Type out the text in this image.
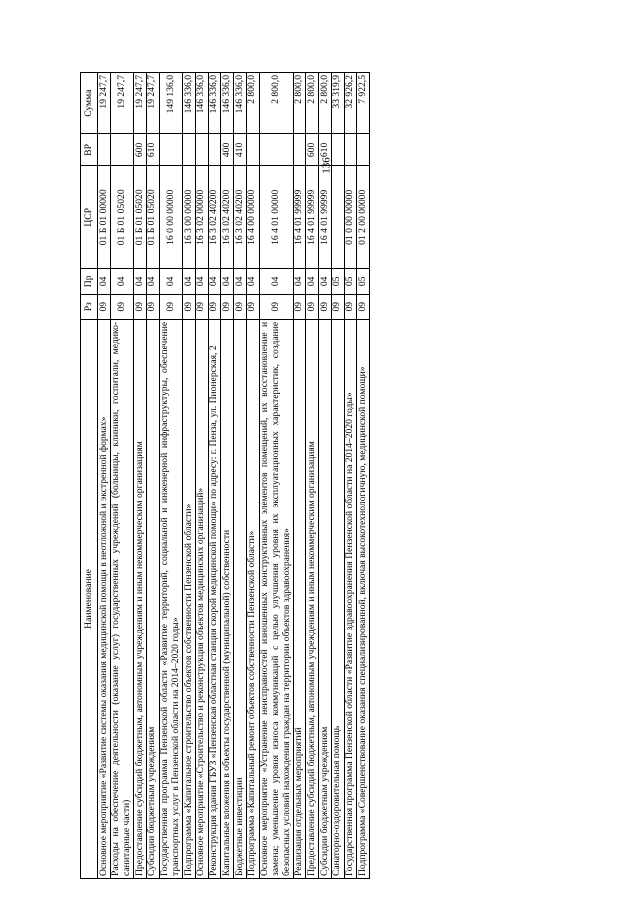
136
Наименование	Рз	Пр	ЦСР	ВР	Сумма
Основное мероприятие «Развитие системы оказания медицинской помощи в неотложной и экстренной формах»	09	04	01 Б 01 00000		19 247,7
Расходы на обеспечение деятельности (оказание услуг) государственных учреждений (больницы, клиники, госпитали, медико-санитарные части)	09	04	01 Б 01 05020		19 247,7
Предоставление субсидий бюджетным, автономным учреждениям и иным некоммерческим организациям	09	04	01 Б 01 05020	600	19 247,7
Субсидии бюджетным учреждениям	09	04	01 Б 01 05020	610	19 247,7
Государственная программа Пензенской области «Развитие территорий, социальной и инженерной инфраструктуры, обеспечение транспортных услуг в Пензенской области на 2014–2020 годы»	09	04	16 0 00 00000		149 136,0
Подпрограмма «Капитальное строительство объектов собственности Пензенской области»	09	04	16 3 00 00000		146 336,0
Основное мероприятие «Строительство и реконструкция объектов медицинских организаций»	09	04	16 3 02 00000		146 336,0
Реконструкция здания ГБУЗ «Пензенская областная станция скорой медицинской помощи» по адресу: г. Пенза, ул. Пионерская, 2	09	04	16 3 02 40200		146 336,0
Капитальные вложения в объекты государственной (муниципальной) собственности	09	04	16 3 02 40200	400	146 336,0
Бюджетные инвестиции	09	04	16 3 02 40200	410	146 336,0
Подпрограмма «Капитальный ремонт объектов собственности Пензенской области»	09	04	16 4 00 00000		2 800,0
Основное мероприятие «Устранение неисправностей изношенных конструктивных элементов помещений, их восстановление и замена; уменьшение уровня износа коммуникаций с целью улучшения уровня их эксплуатационных характеристик, создание безопасных условий нахождения граждан на территории объектов здравоохранения»	09	04	16 4 01 00000		2 800,0
Реализация отдельных мероприятий	09	04	16 4 01 99999		2 800,0
Предоставление субсидий бюджетным, автономным учреждениям и иным некоммерческим организациям	09	04	16 4 01 99999	600	2 800,0
Субсидии бюджетным учреждениям	09	04	16 4 01 99999	610	2 800,0
Санаторно-оздоровительная помощь	09	05			33 319,9
Государственная программа Пензенской области «Развитие здравоохранения Пензенской области на 2014–2020 годы»	09	05	01 0 00 00000		32 926,2
Подпрограмма «Совершенствование оказания специализированной, включая высокотехнологичную, медицинской помощи»	09	05	01 2 00 00000		7 922,5
